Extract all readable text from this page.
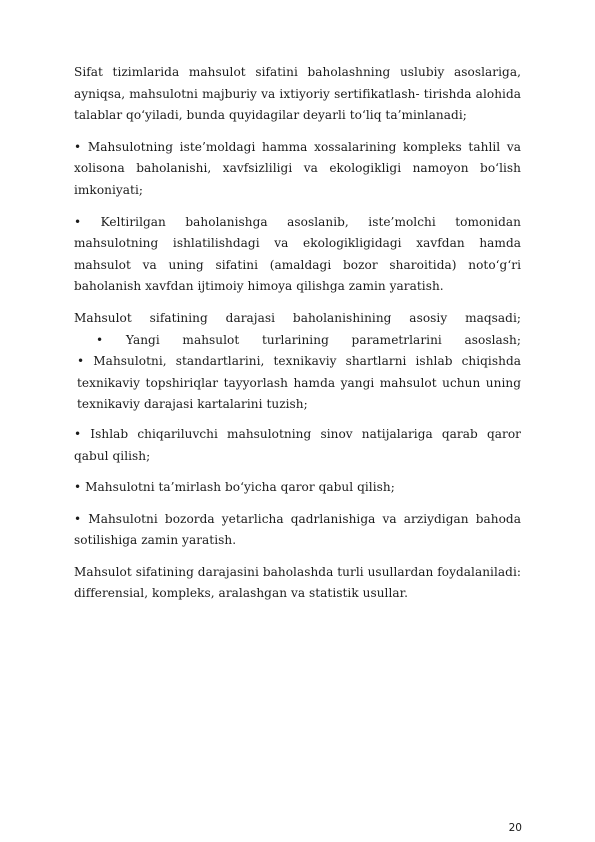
Sifat tizimlarida mahsulot sifatini baholashning uslubiy asoslariga, ayniqsa, mahsulotni majburiy va ixtiyoriy sertifikatlash- tirishda alohida talablar qo‘yiladi, bunda quyidagilar deyarli to‘liq ta’minlanadi;

• Mahsulotning iste’moldagi hamma xossalarining kompleks tahlil va xolisona baholanishi, xavfsizliligi va ekologikligi namoyon bo‘lish imkoniyati;

• Keltirilgan baholanishga asoslanib, iste’molchi tomonidan mahsulotning ishlatilishdagi va ekologikligidagi xavfdan hamda mahsulot va uning sifatini (amaldagi bozor sharoitida) noto‘g‘ri baholanish xavfdan ijtimoiy himoya qilishga zamin yaratish.

Mahsulot sifatining darajasi baholanishining asosiy maqsadi;
• Yangi mahsulot turlarining parametrlarini asoslash;
• Mahsulotni, standartlarini, texnikaviy shartlarni ishlab chiqishda texnikaviy topshiriqlar tayyorlash hamda yangi mahsulot uchun uning texnikaviy darajasi kartalarini tuzish;

• Ishlab chiqariluvchi mahsulotning sinov natijalariga qarab qaror qabul qilish;

• Mahsulotni ta’mirlash bo‘yicha qaror qabul qilish;

• Mahsulotni bozorda yetarlicha qadrlanishiga va arziydigan bahoda sotilishiga zamin yaratish.

Mahsulot sifatining darajasini baholashda turli usullardan foydalaniladi: differensial, kompleks, aralashgan va statistik usullar.

20
